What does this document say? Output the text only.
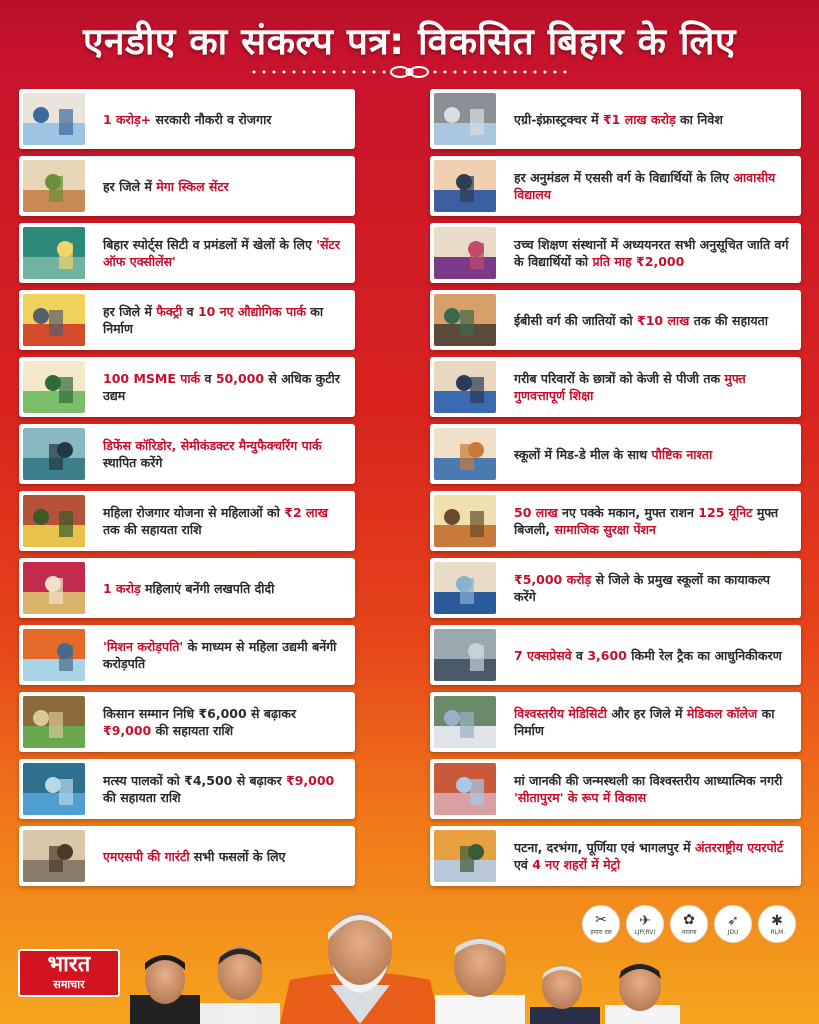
एनडीए का संकल्प पत्र: विकसित बिहार के लिए
1 करोड़+ सरकारी नौकरी व रोजगार
हर जिले में मेगा स्किल सेंटर
बिहार स्पोर्ट्स सिटी व प्रमंडलों में खेलों के लिए 'सेंटर ऑफ एक्सीलेंस'
हर जिले में फैक्ट्री व 10 नए औद्योगिक पार्क का निर्माण
100 MSME पार्क व 50,000 से अधिक कुटीर उद्यम
डिफेंस कॉरिडोर, सेमीकंडक्टर मैन्युफैक्चरिंग पार्क स्थापित करेंगे
महिला रोजगार योजना से महिलाओं को ₹2 लाख तक की सहायता राशि
1 करोड़ महिलाएं बनेंगी लखपति दीदी
'मिशन करोड़पति' के माध्यम से महिला उद्यमी बनेंगी करोड़पति
किसान सम्मान निधि ₹6,000 से बढ़ाकर ₹9,000 की सहायता राशि
मत्स्य पालकों को ₹4,500 से बढ़ाकर ₹9,000 की सहायता राशि
एमएसपी की गारंटी सभी फसलों के लिए
एग्री-इंफ्रास्ट्रक्चर में ₹1 लाख करोड़ का निवेश
हर अनुमंडल में एससी वर्ग के विद्यार्थियों के लिए आवासीय विद्यालय
उच्च शिक्षण संस्थानों में अध्ययनरत सभी अनुसूचित जाति वर्ग के विद्यार्थियों को प्रति माह ₹2,000
ईबीसी वर्ग की जातियों को ₹10 लाख तक की सहायता
गरीब परिवारों के छात्रों को केजी से पीजी तक मुफ्त गुणवत्तापूर्ण शिक्षा
स्कूलों में मिड-डे मील के साथ पौष्टिक नाश्ता
50 लाख नए पक्के मकान, मुफ्त राशन 125 यूनिट मुफ्त बिजली, सामाजिक सुरक्षा पेंशन
₹5,000 करोड़ से जिले के प्रमुख स्कूलों का कायाकल्प करेंगे
7 एक्सप्रेसवे व 3,600 किमी रेल ट्रैक का आधुनिकीकरण
विश्वस्तरीय मेडिसिटी और हर जिले में मेडिकल कॉलेज का निर्माण
मां जानकी की जन्मस्थली का विश्वस्तरीय आध्यात्मिक नगरी 'सीतापुरम' के रूप में विकास
पटना, दरभंगा, पूर्णिया एवं भागलपुर में अंतरराष्ट्रीय एयरपोर्ट एवं 4 नए शहरों में मेट्रो
भारत
समाचार
✂
हमारा दल
✈
LJP(RV)
✿
भाजपा
➶
JDU
✱
RLM
